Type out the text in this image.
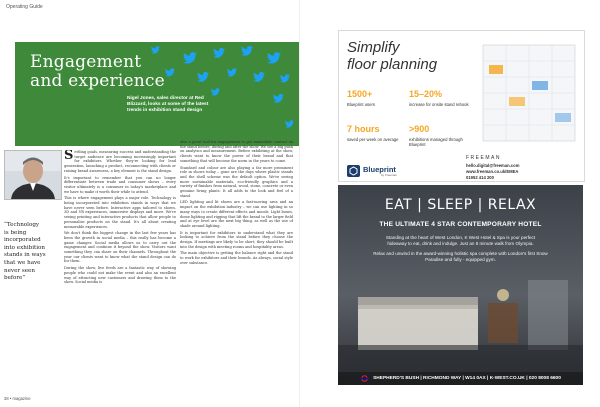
Operating Guide
Engagement
and experience
Nigel Jones, sales director at Red
Blizzard, looks at some of the latest
trends in exhibition stand design
“Technology
is being
incorporated
into exhibition
stands in ways
that we have
never seen
before”

Settling goals, measuring success and understanding the target audience are becoming increasingly important for exhibitors. Whether they're looking for lead generation, launching a product, reconnecting with clients or raising brand awareness, a key element is the stand design.

It's important to remember that you can no longer differentiate between trade and consumer shows – every visitor ultimately is a consumer in today's marketplace and we have to make it worth their while to attend.

This is where engagement plays a major role. Technology is being incorporated into exhibition stands in ways that we have never seen before. Interactive apps tailored to shows, 3D and VR experiences, immersive displays and more. We're seeing printing and interactive products that allow people to personalise products on the stand. It's all about creating memorable experiences.

We don't think the biggest change in the last few years has been the growth in social media – this really has become a game changer. Social media allows us to carry out the engagement and continue it beyond the show. Visitors want something they can share on their channels. Throughout the year our clients want to know what the stand design can do for them.

During the show, live feeds are a fantastic way of showing people who could not make the event and also an excellent way of attracting new customers and drawing them to the show. Social media is

also a great tool for engagement to get immediate contact on the stand before, during and after the show. We see a big push on analytics and measurement. Before exhibiting at the show, clients want to know the power of their brand and that something that will become the norm in the years to come.

Standard and colour are also playing a far more prominent role in shows today – gone are the days where plastic stands and the shell scheme was the default option. We're seeing more sustainable materials, eco-friendly graphics and a variety of finishes from natural, wood, stone, concrete or even genuine living plants. It all adds to the look and feel of a stand.

LED lighting and lit shows are a fast-moving area and an impact on the exhibition industry – we can use lighting in so many ways to create different effects and moods. Light boxes, dome lighting and rigging that lift the brand to the larger field and at eye level are the next big thing, as well as the use of shade around lighting.

It is important for exhibitors to understand what they are looking to achieve from the stand before they choose the design. If meetings are likely to be short, they should be built into the design with meeting rooms and hospitality areas.

The main objective is getting the balance right and the stand to work for exhibitors and their brands. As always, social style over substance.

38 • magazine
Simplify
floor planning
1500+
Blueprint users
15–20%
increase for onsite stand rebook
7 hours
saved per week on average
>900
exhibitions managed through Blueprint
Blueprint
by Freeman
FREEMAN
hello.digital@freeman.com
www.freeman.co.uk/EMEA
01952 414 200
EAT | SLEEP | RELAX
THE ULTIMATE 4 STAR CONTEMPORARY HOTEL
Standing at the heart of West London, K West Hotel & Spa is your perfect
hideaway to eat, drink and indulge. Just an 8 minute walk from Olympia.
Relax and unwind in the award-winning holistic spa complete with London's first Snow
Paradise and fully - equipped gym.
SHEPHERD'S BUSH | RICHMOND WAY | W14 0AX | K-WEST.CO.UK | 020 8008 6600
